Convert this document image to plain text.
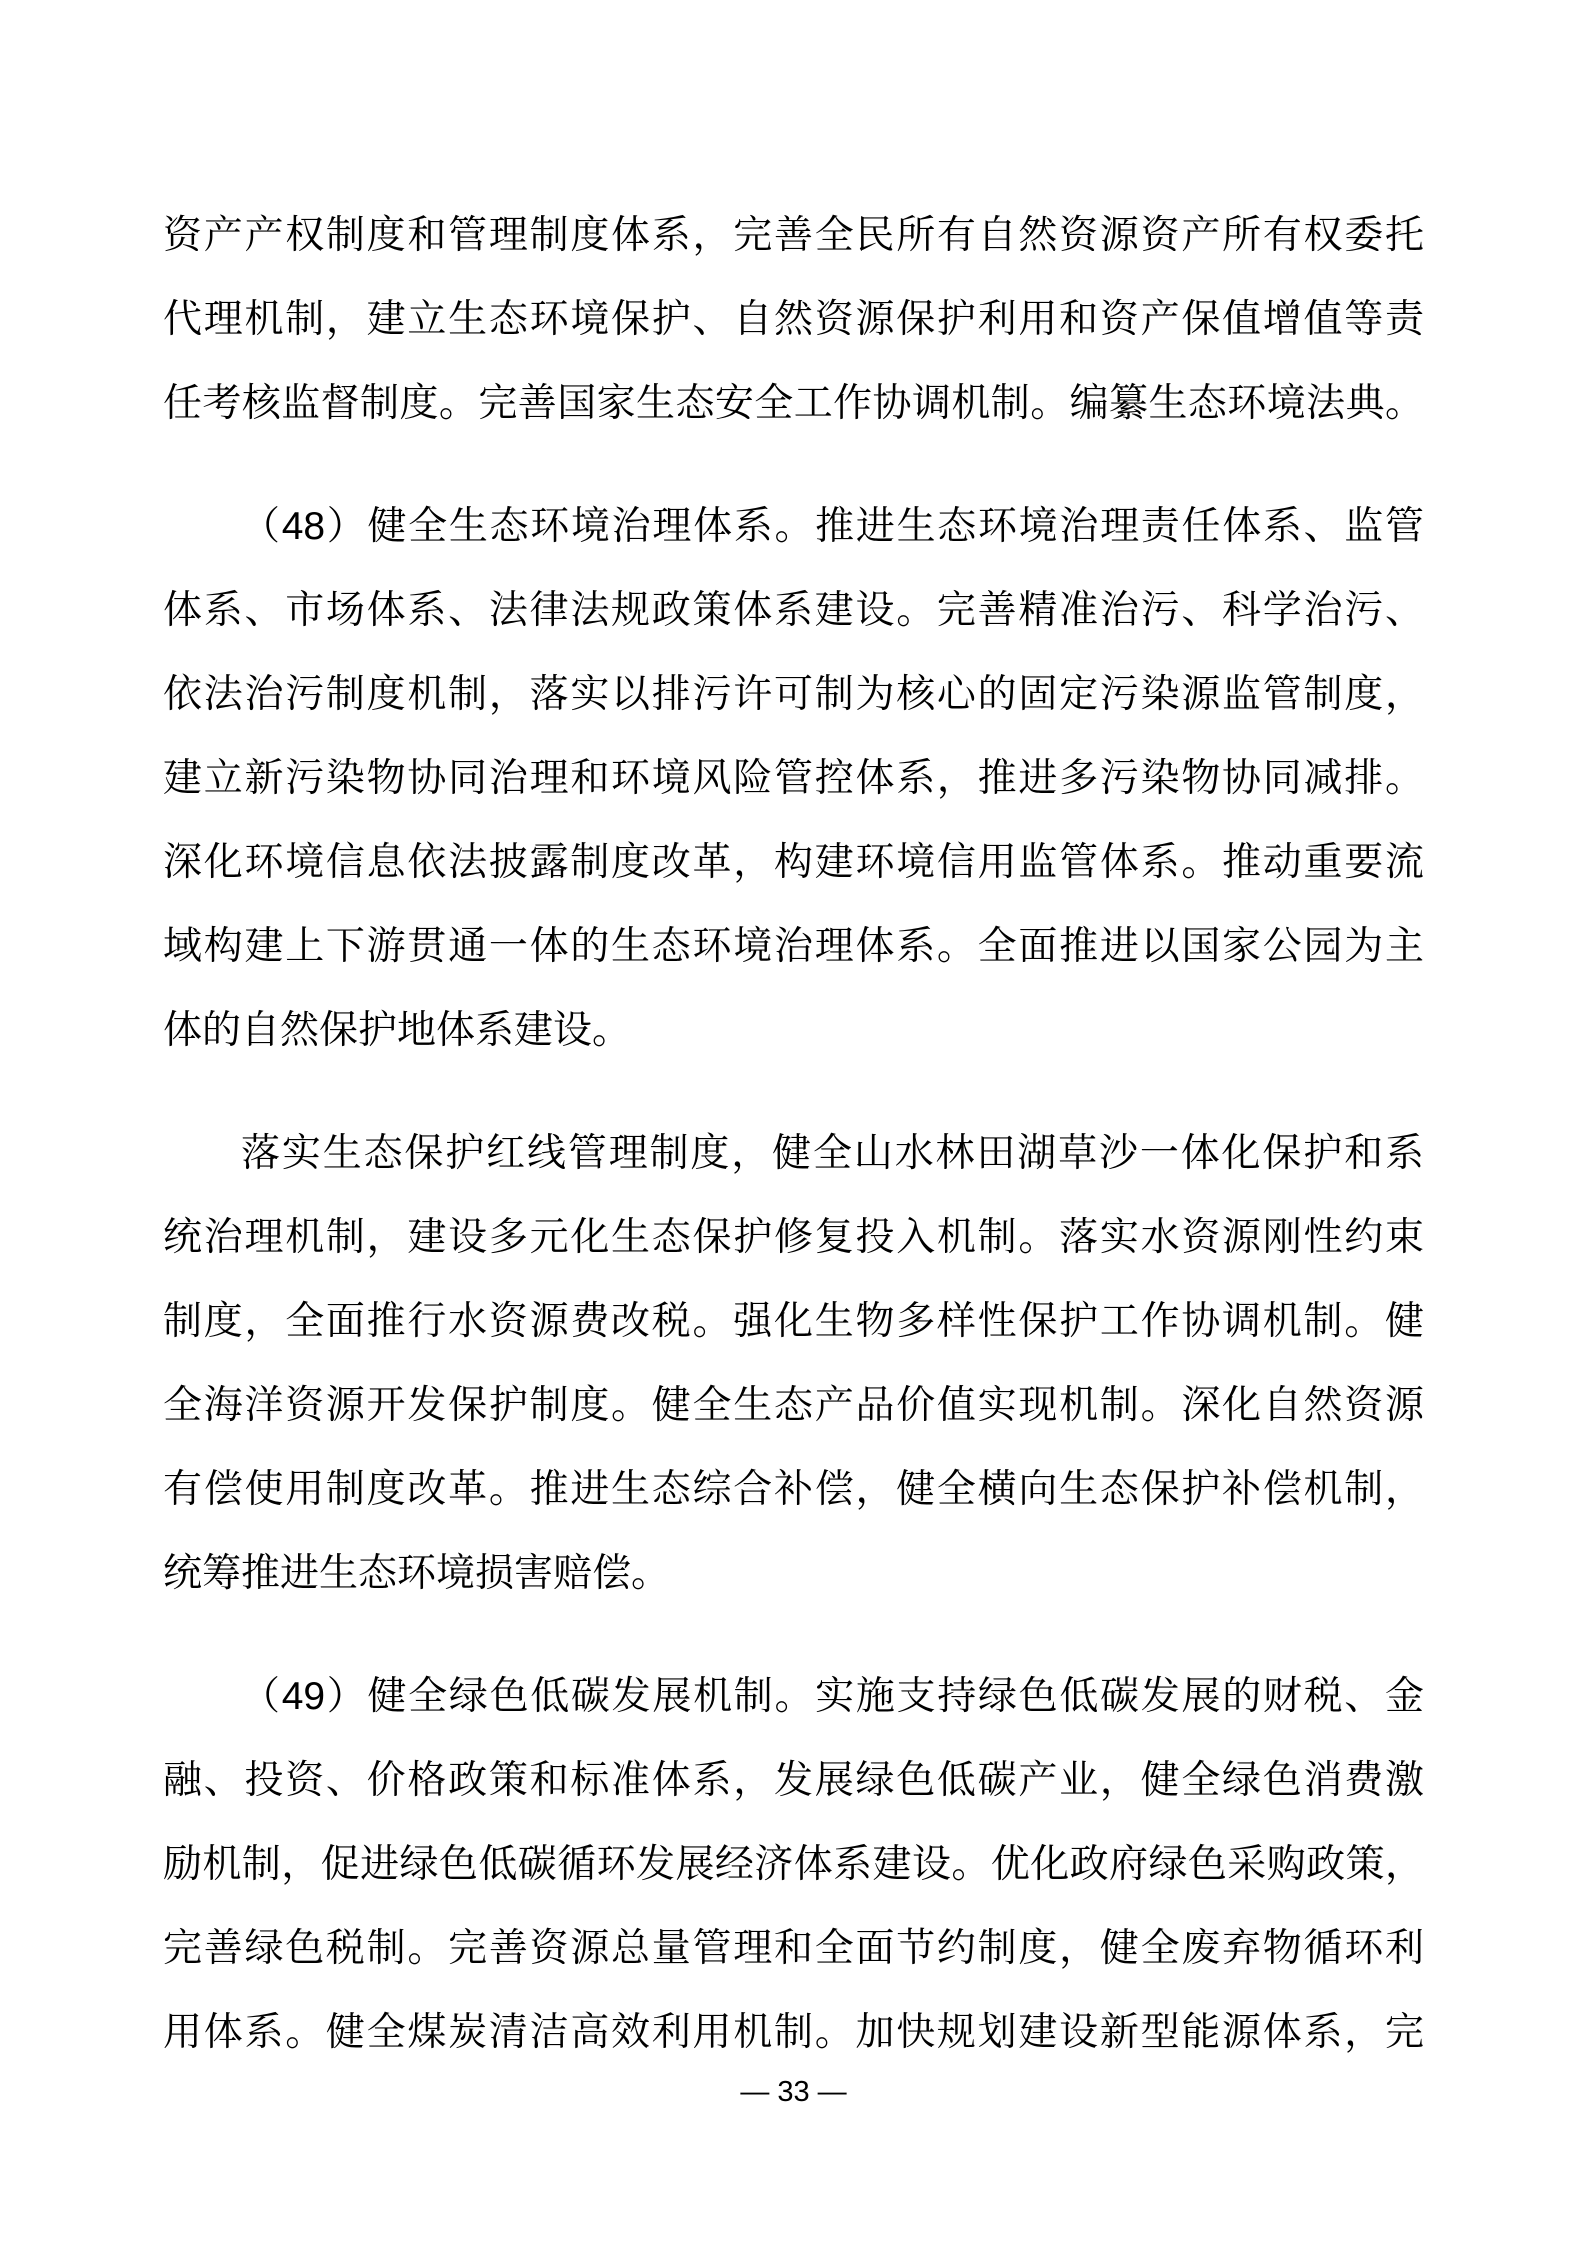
资产产权制度和管理制度体系，完善全民所有自然资源资产所有权委托
代理机制，建立生态环境保护、自然资源保护利用和资产保值增值等责
任考核监督制度。完善国家生态安全工作协调机制。编纂生态环境法典。

（48）健全生态环境治理体系。推进生态环境治理责任体系、监管
体系、市场体系、法律法规政策体系建设。完善精准治污、科学治污、
依法治污制度机制，落实以排污许可制为核心的固定污染源监管制度，
建立新污染物协同治理和环境风险管控体系，推进多污染物协同减排。
深化环境信息依法披露制度改革，构建环境信用监管体系。推动重要流
域构建上下游贯通一体的生态环境治理体系。全面推进以国家公园为主
体的自然保护地体系建设。

落实生态保护红线管理制度，健全山水林田湖草沙一体化保护和系
统治理机制，建设多元化生态保护修复投入机制。落实水资源刚性约束
制度，全面推行水资源费改税。强化生物多样性保护工作协调机制。健
全海洋资源开发保护制度。健全生态产品价值实现机制。深化自然资源
有偿使用制度改革。推进生态综合补偿，健全横向生态保护补偿机制，
统筹推进生态环境损害赔偿。

（49）健全绿色低碳发展机制。实施支持绿色低碳发展的财税、金
融、投资、价格政策和标准体系，发展绿色低碳产业，健全绿色消费激
励机制，促进绿色低碳循环发展经济体系建设。优化政府绿色采购政策，
完善绿色税制。完善资源总量管理和全面节约制度，健全废弃物循环利
用体系。健全煤炭清洁高效利用机制。加快规划建设新型能源体系，完

— 33 —
